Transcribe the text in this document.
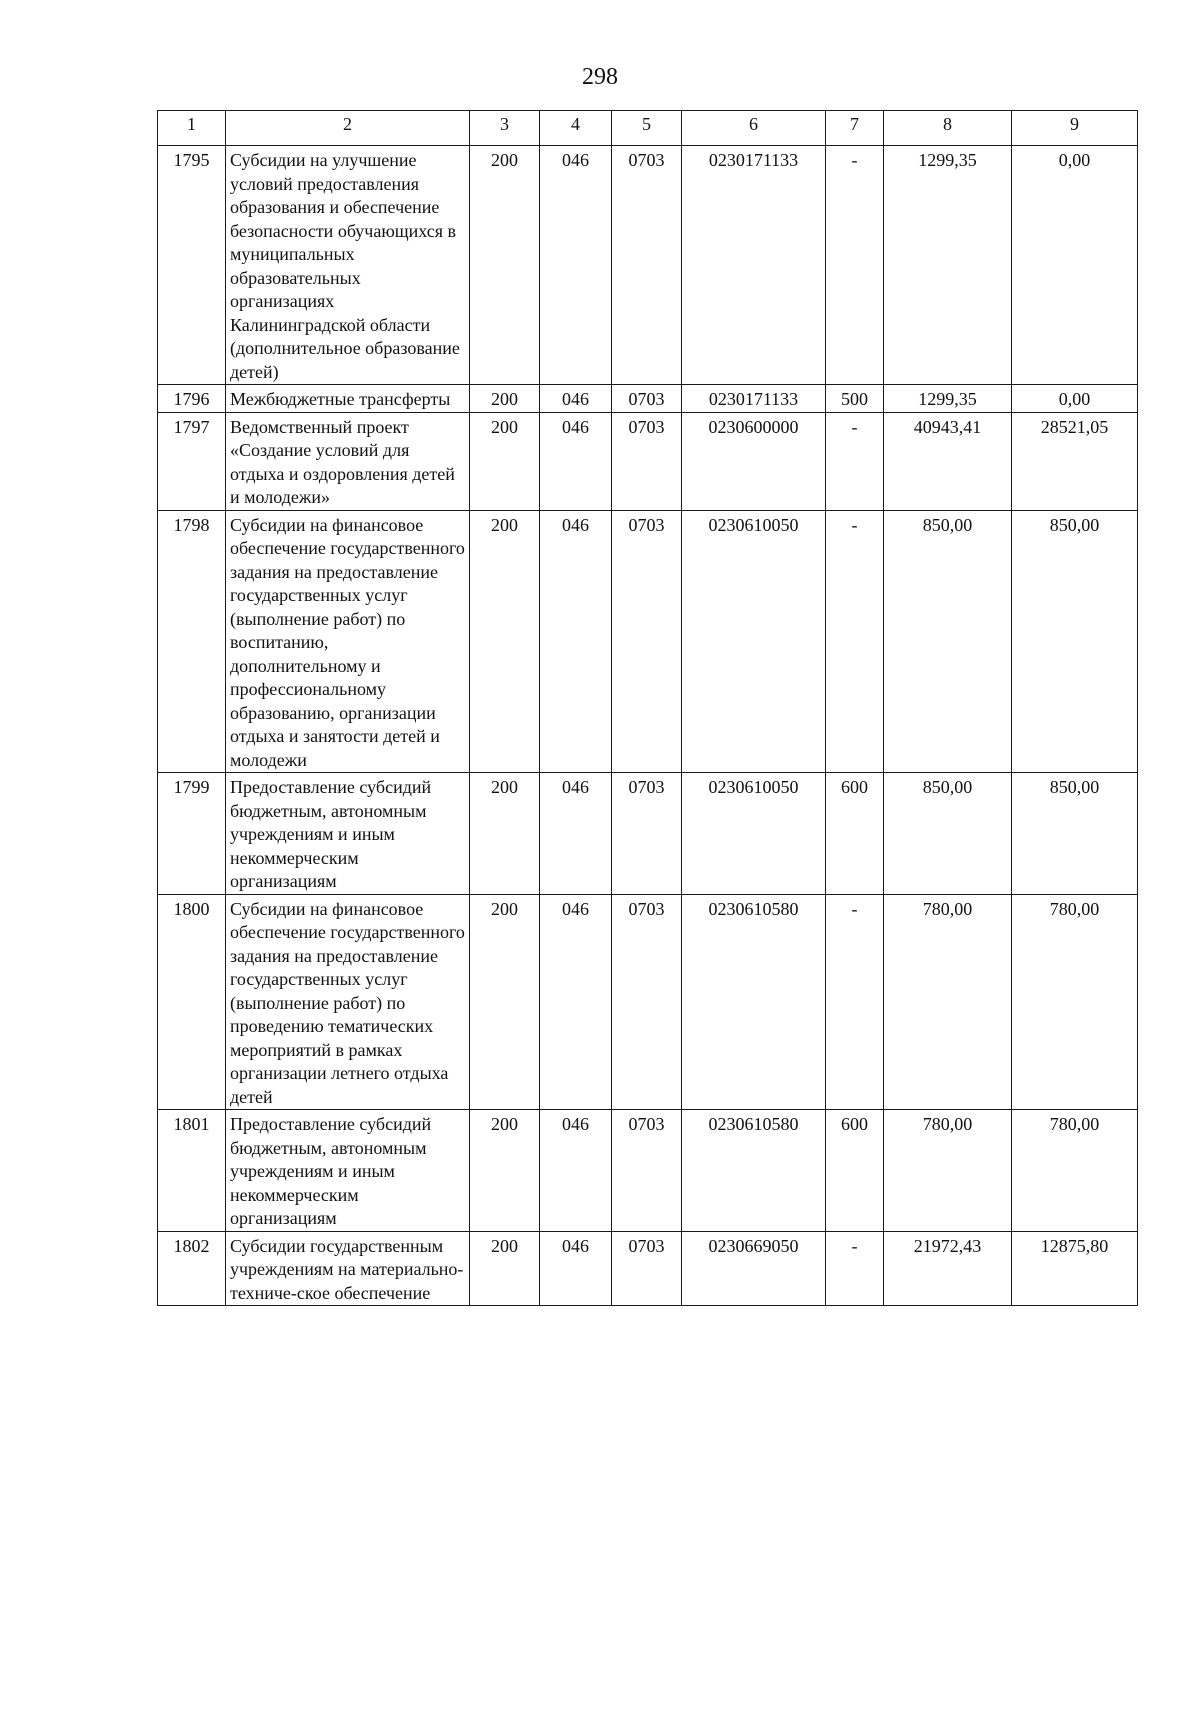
298
1	2	3	4	5	6	7	8	9
1795	Субсидии на улучшение условий предоставления образования и обеспечение безопасности обучающихся в муниципальных образовательных организациях Калининградской области (дополнительное образование детей)	200	046	0703	0230171133	-	1299,35	0,00
1796	Межбюджетные трансферты	200	046	0703	0230171133	500	1299,35	0,00
1797	Ведомственный проект «Создание условий для отдыха и оздоровления детей и молодежи»	200	046	0703	0230600000	-	40943,41	28521,05
1798	Субсидии на финансовое обеспечение государственного задания на предоставление государственных услуг (выполнение работ) по воспитанию, дополнительному и профессиональному образованию, организации отдыха и занятости детей и молодежи	200	046	0703	0230610050	-	850,00	850,00
1799	Предоставление субсидий бюджетным, автономным учреждениям и иным некоммерческим организациям	200	046	0703	0230610050	600	850,00	850,00
1800	Субсидии на финансовое обеспечение государственного задания на предоставление государственных услуг (выполнение работ) по проведению тематических мероприятий в рамках организации летнего отдыха детей	200	046	0703	0230610580	-	780,00	780,00
1801	Предоставление субсидий бюджетным, автономным учреждениям и иным некоммерческим организациям	200	046	0703	0230610580	600	780,00	780,00
1802	Субсидии государственным учреждениям на материально-техниче-ское обеспечение	200	046	0703	0230669050	-	21972,43	12875,80
